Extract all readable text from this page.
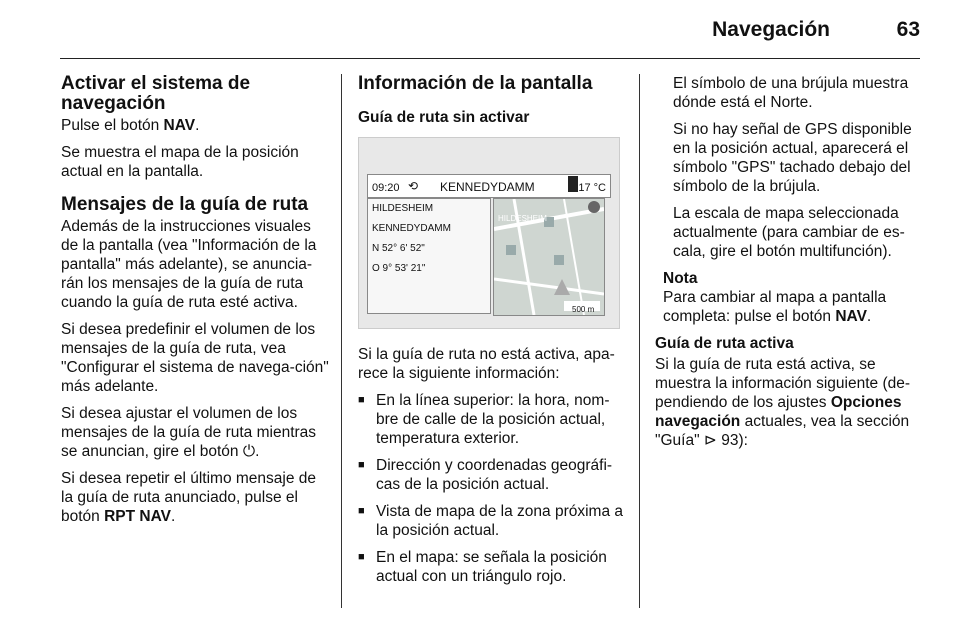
Navegación	63
Activar el sistema de navegación

Pulse el botón NAV.

Se muestra el mapa de la posición actual en la pantalla.

Mensajes de la guía de ruta

Además de la instrucciones visuales de la pantalla (vea "Información de la pantalla" más adelante), se anuncia-rán los mensajes de la guía de ruta cuando la guía de ruta esté activa.

Si desea predefinir el volumen de los mensajes de la guía de ruta, vea "Configurar el sistema de navega-ción" más adelante.

Si desea ajustar el volumen de los mensajes de la guía de ruta mientras se anuncian, gire el botón ⏻.

Si desea repetir el último mensaje de la guía de ruta anunciado, pulse el botón RPT NAV.

Información de la pantalla
Guía de ruta sin activar
09:20 ⟲ KENNEDYDAMM	17 °C
HILDESHEIM
KENNEDYDAMM
N 52° 6' 52"
O 9° 53' 21"
HILDESHEIM
500 m

Si la guía de ruta no está activa, apa-rece la siguiente información:

■ En la línea superior: la hora, nom-bre de calle de la posición actual, temperatura exterior.
■ Dirección y coordenadas geográfi-cas de la posición actual.
■ Vista de mapa de la zona próxima a la posición actual.
■ En el mapa: se señala la posición actual con un triángulo rojo.

El símbolo de una brújula muestra dónde está el Norte.

Si no hay señal de GPS disponible en la posición actual, aparecerá el símbolo "GPS" tachado debajo del símbolo de la brújula.

La escala de mapa seleccionada actualmente (para cambiar de es-cala, gire el botón multifunción).

Nota

Para cambiar al mapa a pantalla completa: pulse el botón NAV.

Guía de ruta activa

Si la guía de ruta está activa, se muestra la información siguiente (de-pendiendo de los ajustes Opciones navegación actuales, vea la sección "Guía" ⊳ 93):
